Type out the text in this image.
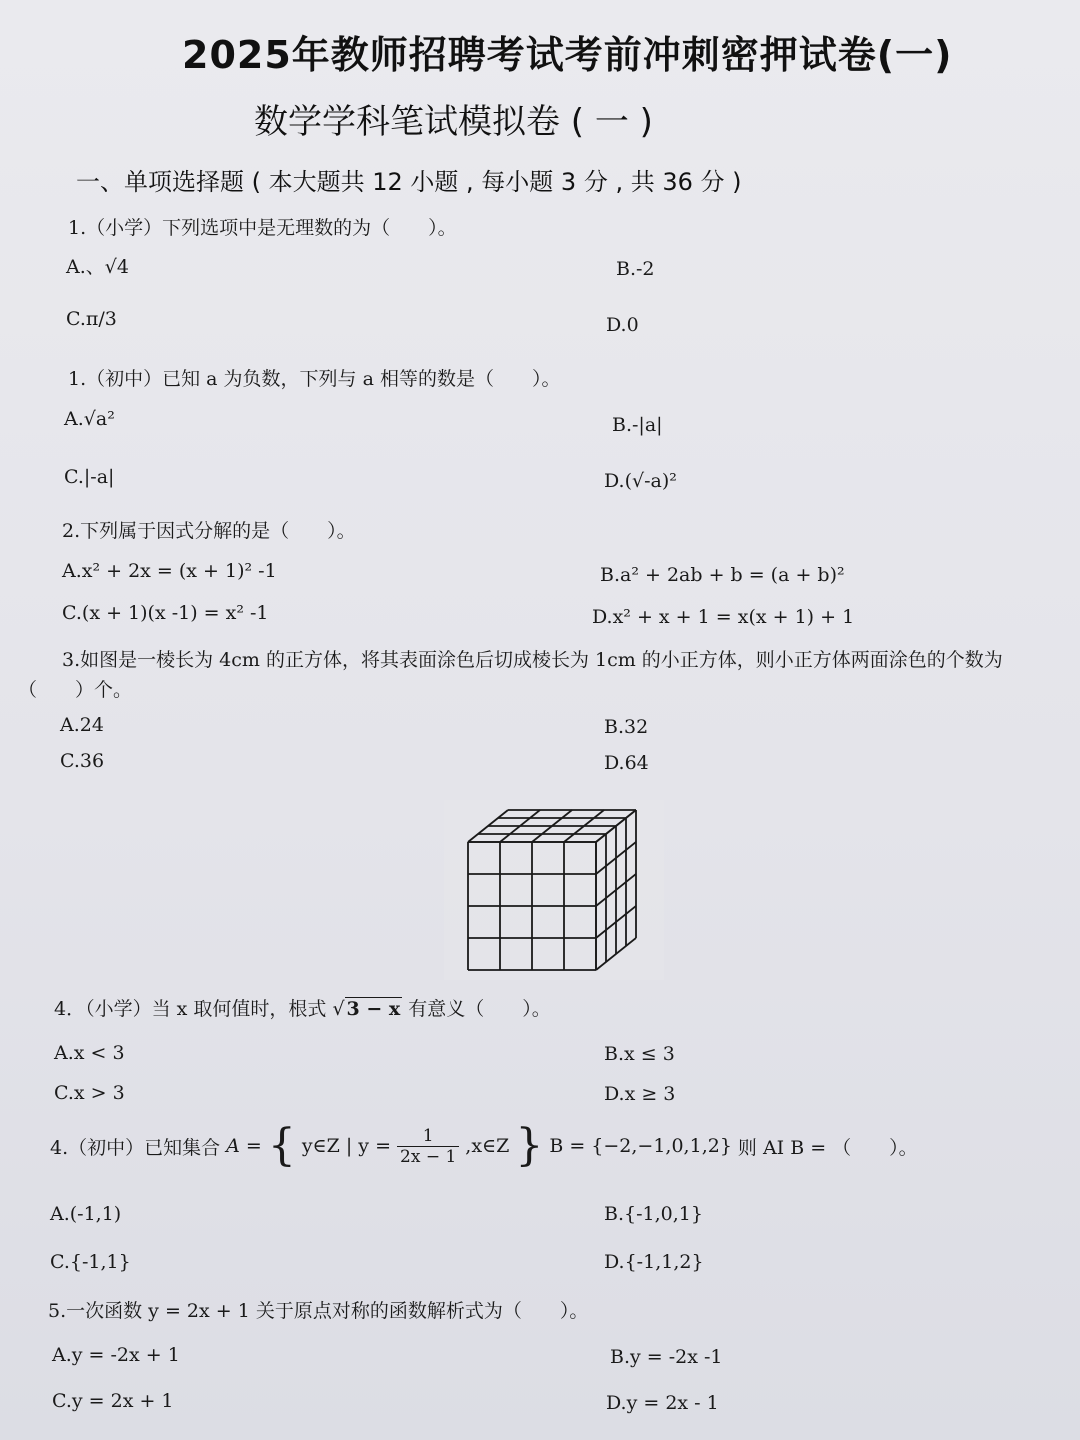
2025年教师招聘考试考前冲刺密押试卷(一)
数学学科笔试模拟卷 ( 一 )
一、单项选择题 ( 本大题共 12 小题 , 每小题 3 分 , 共 36 分 )
1.（小学）下列选项中是无理数的为（　　）。
A.、√4	B.-2
C.π/3	D.0
1.（初中）已知 a 为负数，下列与 a 相等的数是（　　）。
A.√a²	B.-|a|
C.|-a|	D.(√-a)²
2.下列属于因式分解的是（　　）。
A.x² + 2x = (x + 1)² -1	B.a² + 2ab + b = (a + b)²
C.(x + 1)(x -1) = x² -1	D.x² + x + 1 = x(x + 1) + 1
3.如图是一棱长为 4cm 的正方体，将其表面涂色后切成棱长为 1cm 的小正方体，则小正方体两面涂色的个数为（　　）个。
A.24	B.32
C.36	D.64
4．（小学）当 x 取何值时，根式 √ 3 − x 有意义（　　）。
A.x < 3	B.x ≤ 3
C.x > 3	D.x ≥ 3
4.（初中）已知集合 A = { y∈Z | $y = \frac{1}{2x - 1}$ ,x∈Z } B = {−2,−1,0,1,2} 则 AI B = （　　）。
A.(-1,1)	B.{-1,0,1}
C.{-1,1}	D.{-1,1,2}
5.一次函数 y = 2x + 1 关于原点对称的函数解析式为（　　）。
A.y = -2x + 1	B.y = -2x -1
C.y = 2x + 1	D.y = 2x - 1
